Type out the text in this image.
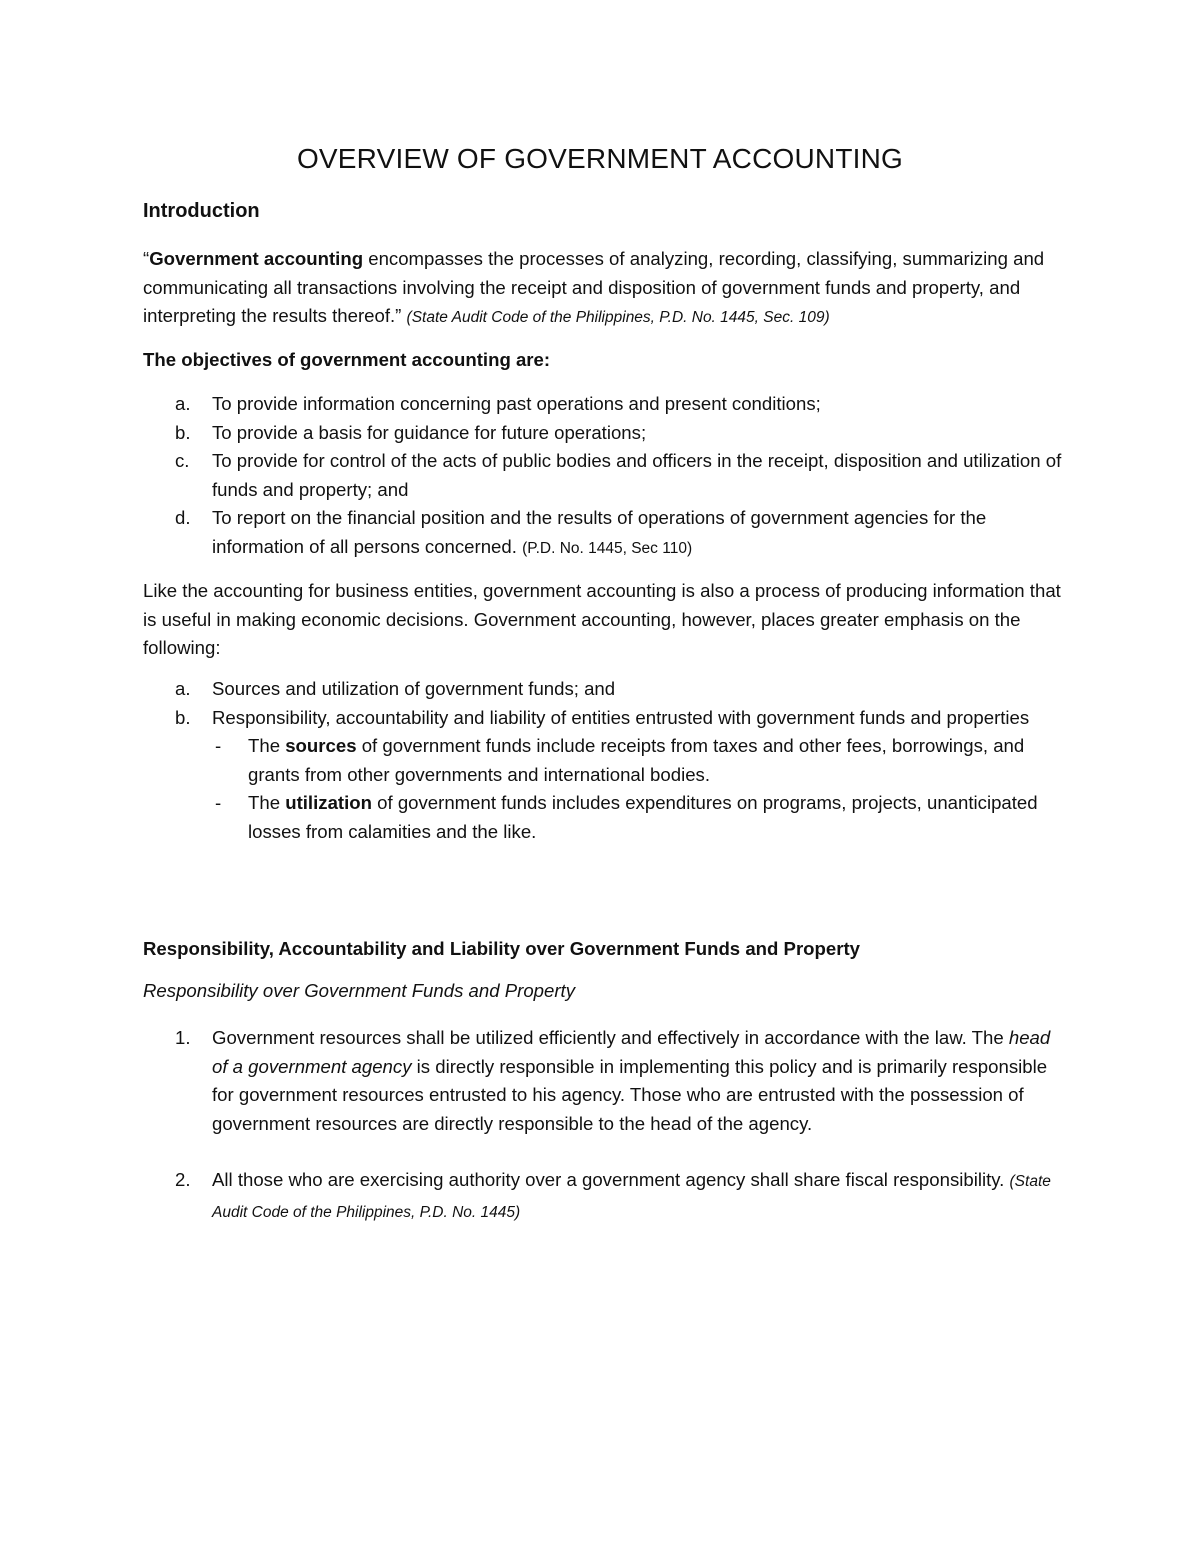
OVERVIEW OF GOVERNMENT ACCOUNTING
Introduction

“Government accounting encompasses the processes of analyzing, recording, classifying, summarizing and communicating all transactions involving the receipt and disposition of government funds and property, and interpreting the results thereof.” (State Audit Code of the Philippines, P.D. No. 1445, Sec. 109)

The objectives of government accounting are:

a. To provide information concerning past operations and present conditions;
b. To provide a basis for guidance for future operations;
c. To provide for control of the acts of public bodies and officers in the receipt, disposition and utilization of funds and property; and
d. To report on the financial position and the results of operations of government agencies for the information of all persons concerned. (P.D. No. 1445, Sec 110)

Like the accounting for business entities, government accounting is also a process of producing information that is useful in making economic decisions. Government accounting, however, places greater emphasis on the following:

a. Sources and utilization of government funds; and
b. Responsibility, accountability and liability of entities entrusted with government funds and properties
- The sources of government funds include receipts from taxes and other fees, borrowings, and grants from other governments and international bodies.
- The utilization of government funds includes expenditures on programs, projects, unanticipated losses from calamities and the like.

Responsibility, Accountability and Liability over Government Funds and Property

Responsibility over Government Funds and Property

1. Government resources shall be utilized efficiently and effectively in accordance with the law. The head of a government agency is directly responsible in implementing this policy and is primarily responsible for government resources entrusted to his agency. Those who are entrusted with the possession of government resources are directly responsible to the head of the agency.
2. All those who are exercising authority over a government agency shall share fiscal responsibility. (State Audit Code of the Philippines, P.D. No. 1445)
